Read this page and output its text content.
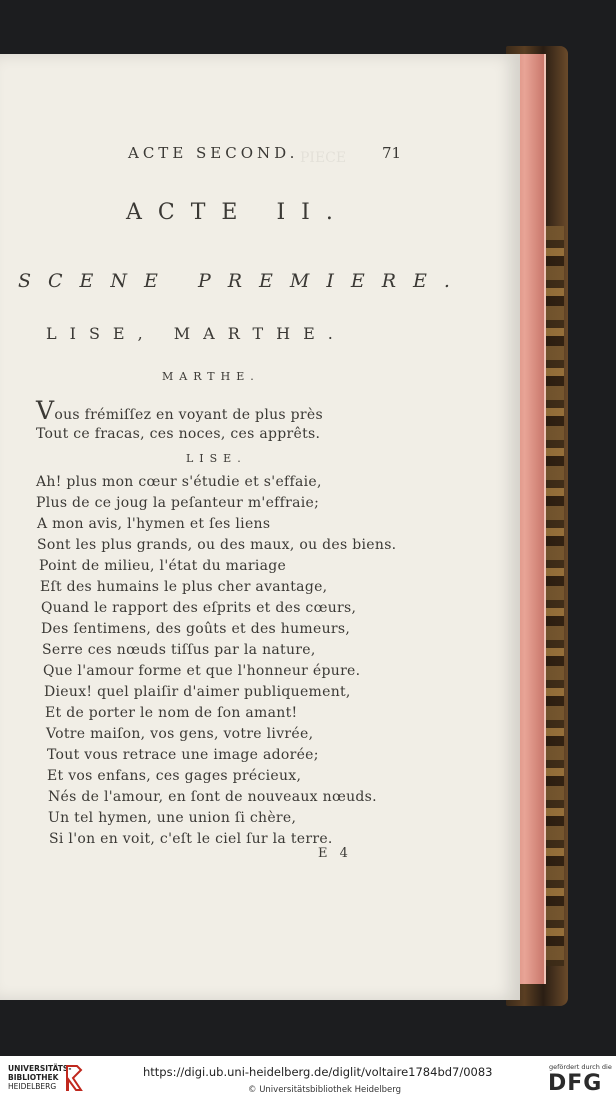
PIECE
ACTE SECOND.	71
ACTE II.
SCENE PREMIERE.
LISE, MARTHE.
MARTHE.
Vous frémiſſez en voyant de plus près
Tout ce fracas, ces noces, ces apprêts.
LISE.
Ah! plus mon cœur s'étudie et s'effaie,
Plus de ce joug la peſanteur m'effraie;
A mon avis, l'hymen et ſes liens
Sont les plus grands, ou des maux, ou des biens.
Point de milieu, l'état du mariage
Eſt des humains le plus cher avantage,
Quand le rapport des eſprits et des cœurs,
Des ſentimens, des goûts et des humeurs,
Serre ces nœuds tiſſus par la nature,
Que l'amour forme et que l'honneur épure.
Dieux! quel plaiſir d'aimer publiquement,
Et de porter le nom de ſon amant!
Votre maiſon, vos gens, votre livrée,
Tout vous retrace une image adorée;
Et vos enfans, ces gages précieux,
Nés de l'amour, en ſont de nouveaux nœuds.
Un tel hymen, une union ſi chère,
Si l'on en voit, c'eſt le ciel ſur la terre.
E 4
UNIVERSITÄTS-
BIBLIOTHEK
HEIDELBERG
https://digi.ub.uni-heidelberg.de/diglit/voltaire1784bd7/0083
© Universitätsbibliothek Heidelberg
gefördert durch die
DFG
